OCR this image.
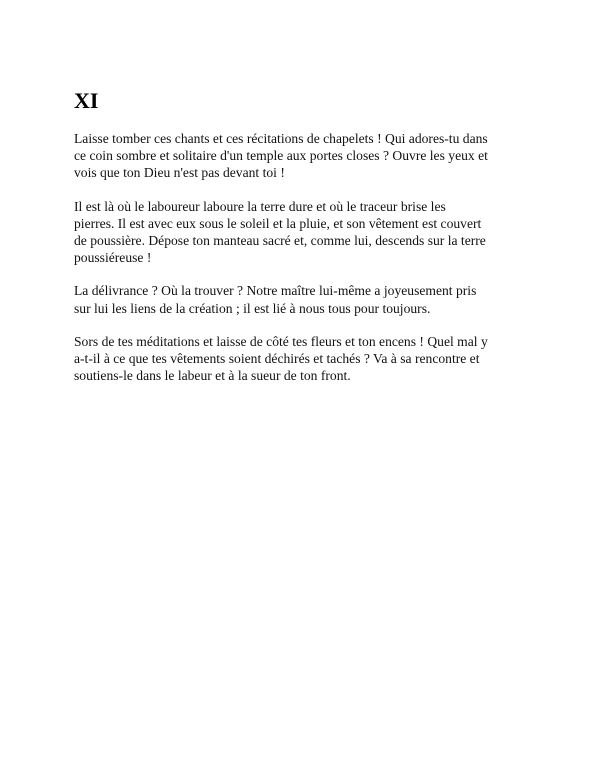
XI

Laisse tomber ces chants et ces récitations de chapelets ! Qui adores-tu dans
ce coin sombre et solitaire d'un temple aux portes closes ? Ouvre les yeux et
vois que ton Dieu n'est pas devant toi !

Il est là où le laboureur laboure la terre dure et où le traceur brise les
pierres. Il est avec eux sous le soleil et la pluie, et son vêtement est couvert
de poussière. Dépose ton manteau sacré et, comme lui, descends sur la terre
poussiéreuse !

La délivrance ? Où la trouver ? Notre maître lui-même a joyeusement pris
sur lui les liens de la création ; il est lié à nous tous pour toujours.

Sors de tes méditations et laisse de côté tes fleurs et ton encens ! Quel mal y
a-t-il à ce que tes vêtements soient déchirés et tachés ? Va à sa rencontre et
soutiens-le dans le labeur et à la sueur de ton front.
